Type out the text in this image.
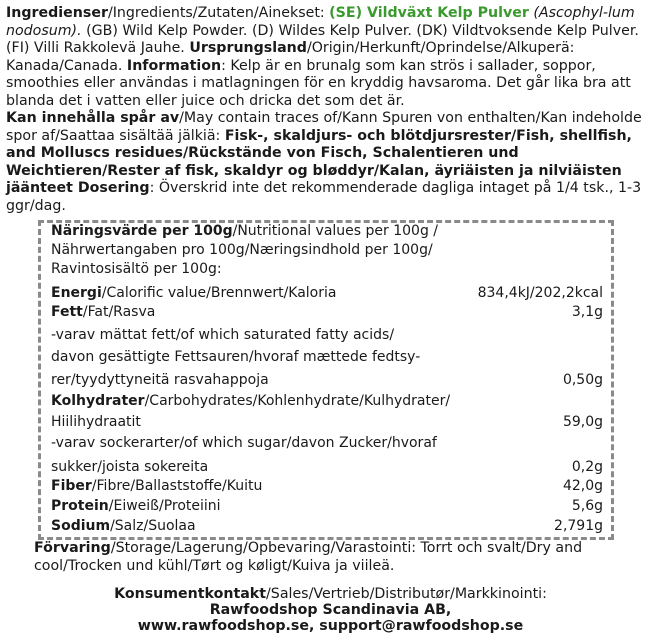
Ingredienser/Ingredients/Zutaten/Ainekset: (SE) Vildväxt Kelp Pulver (Ascophyl-lum nodosum). (GB) Wild Kelp Powder. (D) Wildes Kelp Pulver. (DK) Vildtvoksende Kelp Pulver. (FI) Villi Rakkolevä Jauhe. Ursprungsland/Origin/Herkunft/Oprindelse/Alkuperä: Kanada/Canada. Information: Kelp är en brunalg som kan strös i sallader, soppor, smoothies eller användas i matlagningen för en kryddig havsaroma. Det går lika bra att blanda det i vatten eller juice och dricka det som det är.

Kan innehålla spår av/May contain traces of/Kann Spuren von enthalten/Kan indeholde spor af/Saattaa sisältää jälkiä: Fisk-, skaldjurs- och blötdjursrester/Fish, shellfish, and Molluscs residues/Rückstände von Fisch, Schalentieren und Weichtieren/Rester af fisk, skaldyr og bløddyr/Kalan, äyriäisten ja nilviäisten jäänteet Dosering: Överskrid inte det rekommenderade dagliga intaget på 1/4 tsk., 1-3 ggr/dag.

Näringsvärde per 100g/Nutritional values per 100g /
Nährwertangaben pro 100g/Næringsindhold per 100g/
Ravintosisältö per 100g:
Energi/Calorific value/Brennwert/Kaloria	834,4kJ/202,2kcal
Fett/Fat/Rasva	3,1g
-varav mättat fett/of which saturated fatty acids/
davon gesättigte Fettsauren/hvoraf mættede fedtsy-
rer/tyydyttyneitä rasvahappoja	0,50g
Kolhydrater/Carbohydrates/Kohlenhydrate/Kulhydrater/
Hiilihydraatit	59,0g
-varav sockerarter/of which sugar/davon Zucker/hvoraf
sukker/joista sokereita	0,2g
Fiber/Fibre/Ballaststoffe/Kuitu	42,0g
Protein/Eiweiß/Proteiini	5,6g
Sodium/Salz/Suolaa	2,791g
Förvaring/Storage/Lagerung/Opbevaring/Varastointi: Torrt och svalt/Dry and cool/Trocken und kühl/Tørt og køligt/Kuiva ja viileä.
Konsumentkontakt/Sales/Vertrieb/Distributør/Markkinointi:
Rawfoodshop Scandinavia AB,
www.rawfoodshop.se, support@rawfoodshop.se
